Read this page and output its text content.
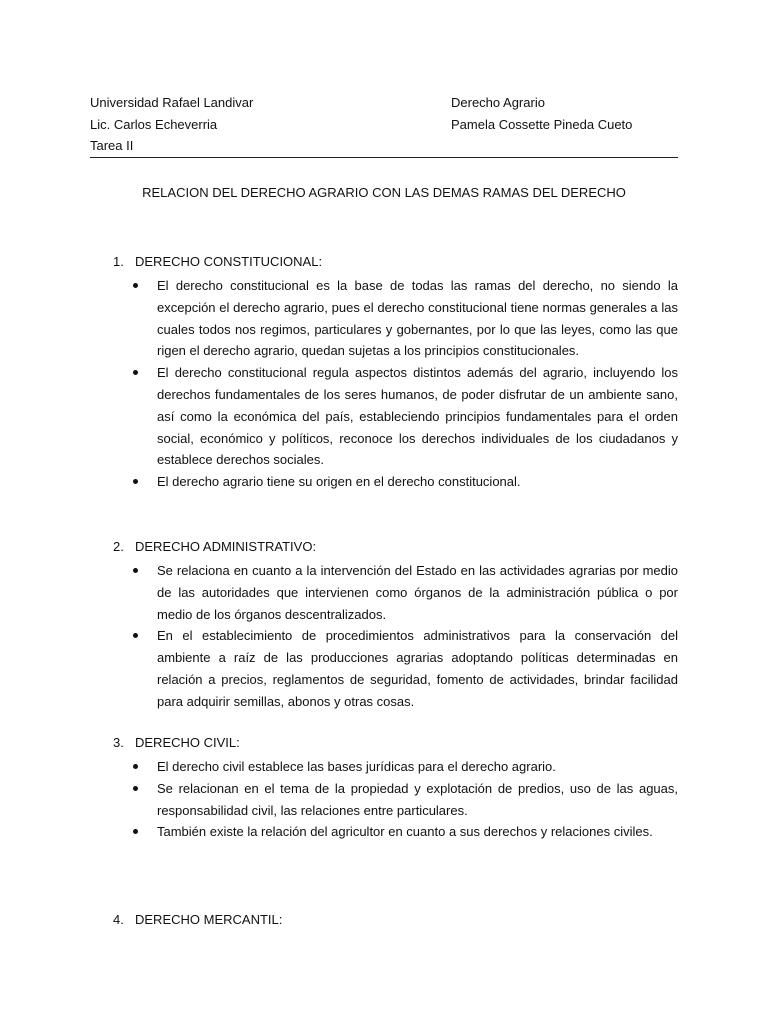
Universidad Rafael Landivar
Lic. Carlos Echeverria
Tarea II
Derecho Agrario
Pamela Cossette Pineda Cueto
RELACION DEL DERECHO AGRARIO CON LAS DEMAS RAMAS DEL DERECHO
1. DERECHO CONSTITUCIONAL:
El derecho constitucional es la base de todas las ramas del derecho, no siendo la excepción el derecho agrario, pues el derecho constitucional tiene normas generales a las cuales todos nos regimos, particulares y gobernantes, por lo que las leyes, como las que rigen el derecho agrario, quedan sujetas a los principios constitucionales.
El derecho constitucional regula aspectos distintos además del agrario, incluyendo los derechos fundamentales de los seres humanos, de poder disfrutar de un ambiente sano, así como la económica del país, estableciendo principios fundamentales para el orden social, económico y políticos, reconoce los derechos individuales de los ciudadanos y establece derechos sociales.
El derecho agrario tiene su origen en el derecho constitucional.
2. DERECHO ADMINISTRATIVO:
Se relaciona en cuanto a la intervención del Estado en las actividades agrarias por medio de las autoridades que intervienen como órganos de la administración pública o por medio de los órganos descentralizados.
En el establecimiento de procedimientos administrativos para la conservación del ambiente a raíz de las producciones agrarias adoptando políticas determinadas en relación a precios, reglamentos de seguridad, fomento de actividades, brindar facilidad para adquirir semillas, abonos y otras cosas.
3. DERECHO CIVIL:
El derecho civil establece las bases jurídicas para el derecho agrario.
Se relacionan en el tema de la propiedad y explotación de predios, uso de las aguas, responsabilidad civil, las relaciones entre particulares.
También existe la relación del agricultor en cuanto a sus derechos y relaciones civiles.
4. DERECHO MERCANTIL:
